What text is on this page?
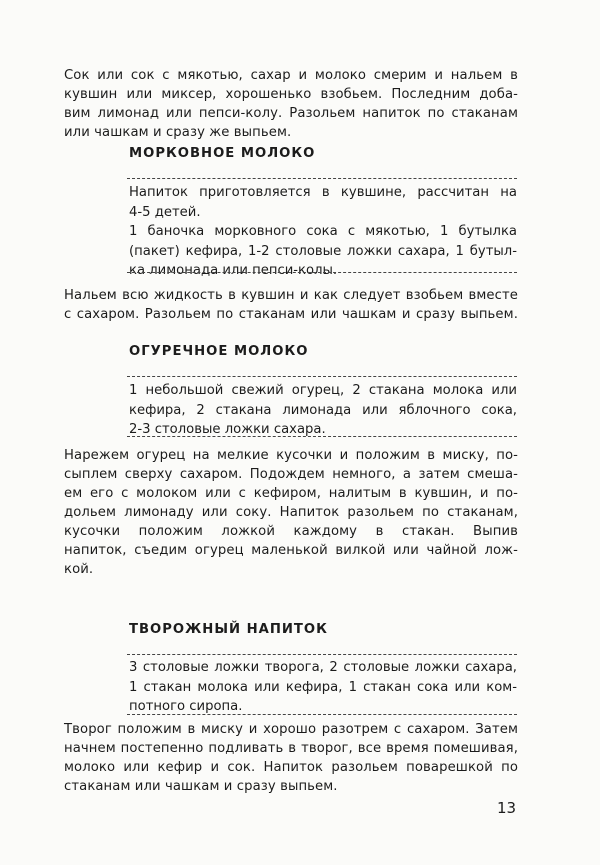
Сок или сок с мякотью, сахар и молоко смерим и нальем в
кувшин или миксер, хорошенько взобьем. Последним доба-
вим лимонад или пепси-колу. Разольем напиток по стаканам
или чашкам и сразу же выпьем.
МОРКОВНОЕ МОЛОКО
Напиток приготовляется в кувшине, рассчитан на
4-5 детей.
1 баночка морковного сока с мякотью, 1 бутылка
(пакет) кефира, 1-2 столовые ложки сахара, 1 бутыл-
ка лимонада или пепси-колы.
Нальем всю жидкость в кувшин и как следует взобьем вместе
с сахаром. Разольем по стаканам или чашкам и сразу выпьем.
ОГУРЕЧНОЕ МОЛОКО
1 небольшой свежий огурец, 2 стакана молока или
кефира, 2 стакана лимонада или яблочного сока,
2-3 столовые ложки сахара.
Нарежем огурец на мелкие кусочки и положим в миску, по-
сыплем сверху сахаром. Подождем немного, а затем смеша-
ем его с молоком или с кефиром, налитым в кувшин, и по-
дольем лимонаду или соку. Напиток разольем по стаканам,
кусочки положим ложкой каждому в стакан. Выпив
напиток, съедим огурец маленькой вилкой или чайной лож-
кой.
ТВОРОЖНЫЙ НАПИТОК
3 столовые ложки творога, 2 столовые ложки сахара,
1 стакан молока или кефира, 1 стакан сока или ком-
потного сиропа.
Творог положим в миску и хорошо разотрем с сахаром. Затем
начнем постепенно подливать в творог, все время помешивая,
молоко или кефир и сок. Напиток разольем поварешкой по
стаканам или чашкам и сразу выпьем.
13
